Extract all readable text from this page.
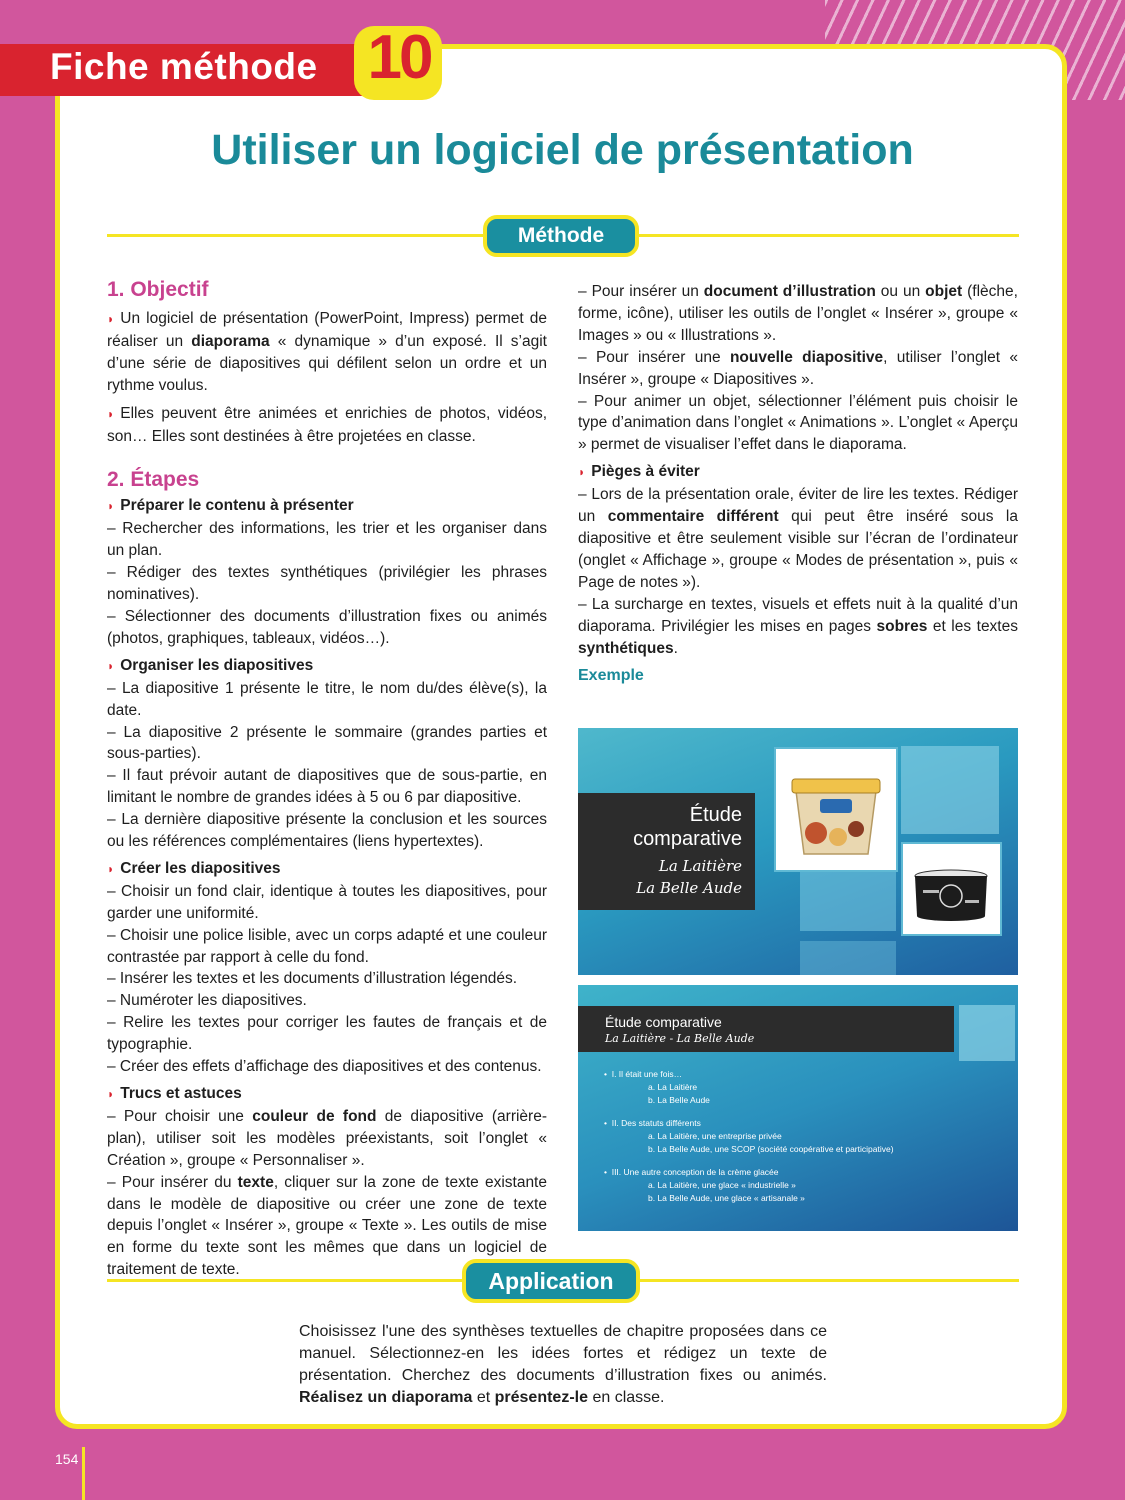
Fiche méthode 10
Utiliser un logiciel de présentation
Méthode

1. Objectif

◗ Un logiciel de présentation (PowerPoint, Impress) permet de réaliser un diaporama « dynamique » d’un exposé. Il s’agit d’une série de diapositives qui défilent selon un ordre et un rythme voulus.

◗ Elles peuvent être animées et enrichies de photos, vidéos, son… Elles sont destinées à être projetées en classe.

2. Étapes

◗ Préparer le contenu à présenter

– Rechercher des informations, les trier et les organiser dans un plan.

– Rédiger des textes synthétiques (privilégier les phrases nominatives).

– Sélectionner des documents d’illustration fixes ou animés (photos, graphiques, tableaux, vidéos…).

◗ Organiser les diapositives

– La diapositive 1 présente le titre, le nom du/des élève(s), la date.

– La diapositive 2 présente le sommaire (grandes parties et sous-parties).

– Il faut prévoir autant de diapositives que de sous-partie, en limitant le nombre de grandes idées à 5 ou 6 par diapositive.

– La dernière diapositive présente la conclusion et les sources ou les références complémentaires (liens hypertextes).

◗ Créer les diapositives

– Choisir un fond clair, identique à toutes les diapositives, pour garder une uniformité.

– Choisir une police lisible, avec un corps adapté et une couleur contrastée par rapport à celle du fond.

– Insérer les textes et les documents d’illustration légendés.

– Numéroter les diapositives.

– Relire les textes pour corriger les fautes de français et de typographie.

– Créer des effets d’affichage des diapositives et des contenus.

◗ Trucs et astuces

– Pour choisir une couleur de fond de diapositive (arrière-plan), utiliser soit les modèles préexistants, soit l’onglet « Création », groupe « Personnaliser ».

– Pour insérer du texte, cliquer sur la zone de texte existante dans le modèle de diapositive ou créer une zone de texte depuis l’onglet « Insérer », groupe « Texte ». Les outils de mise en forme du texte sont les mêmes que dans un logiciel de traitement de texte.

– Pour insérer un document d’illustration ou un objet (flèche, forme, icône), utiliser les outils de l’onglet « Insérer », groupe « Images » ou « Illustrations ».

– Pour insérer une nouvelle diapositive, utiliser l’onglet « Insérer », groupe « Diapositives ».

– Pour animer un objet, sélectionner l’élément puis choisir le type d’animation dans l’onglet « Animations ». L’onglet « Aperçu » permet de visualiser l’effet dans le diaporama.

◗ Pièges à éviter

– Lors de la présentation orale, éviter de lire les textes. Rédiger un commentaire différent qui peut être inséré sous la diapositive et être seulement visible sur l’écran de l’ordinateur (onglet « Affichage », groupe « Modes de présentation », puis « Page de notes »).

– La surcharge en textes, visuels et effets nuit à la qualité d’un diaporama. Privilégier les mises en pages sobres et les textes synthétiques.

Exemple

Étude
comparative
La Laitière
La Belle Aude
Étude comparative
La Laitière - La Belle Aude
•  I. Il était une fois…
a. La Laitière
b. La Belle Aude
•  II. Des statuts différents
a. La Laitière, une entreprise privée
b. La Belle Aude, une SCOP (société coopérative et participative)
•  III. Une autre conception de la crème glacée
a. La Laitière, une glace « industrielle »
b. La Belle Aude, une glace « artisanale »
Application
Choisissez l'une des synthèses textuelles de chapitre proposées dans ce manuel. Sélectionnez-en les idées fortes et rédigez un texte de présentation. Cherchez des documents d’illustration fixes ou animés. Réalisez un diaporama et présentez-le en classe.
154
